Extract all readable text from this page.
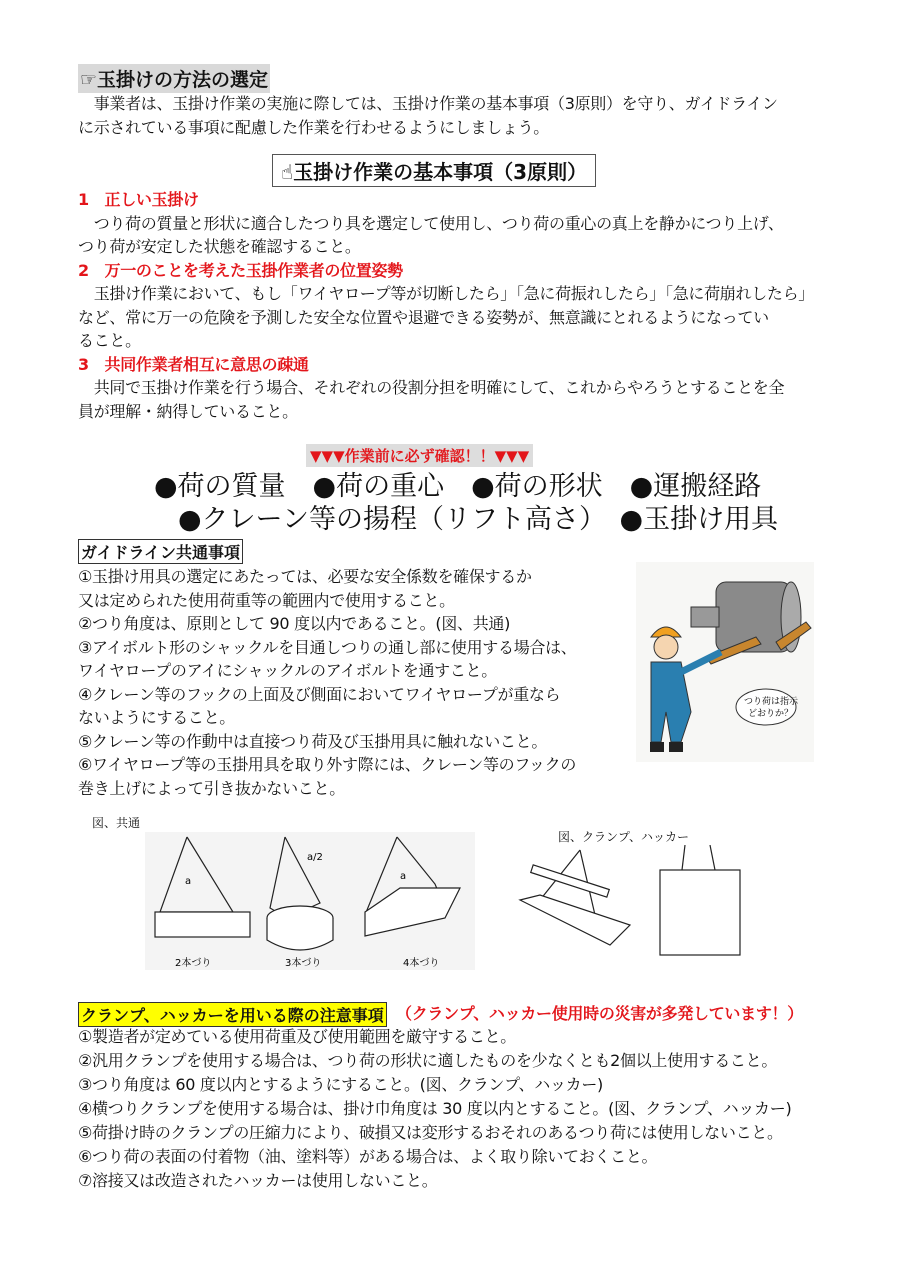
☞玉掛けの方法の選定
　事業者は、玉掛け作業の実施に際しては、玉掛け作業の基本事項（3原則）を守り、ガイドライン
に示されている事項に配慮した作業を行わせるようにしましょう。
☝玉掛け作業の基本事項（3原則）
1　正しい玉掛け
　つり荷の質量と形状に適合したつり具を選定して使用し、つり荷の重心の真上を静かにつり上げ、
つり荷が安定した状態を確認すること。
2　万一のことを考えた玉掛作業者の位置姿勢
　玉掛け作業において、もし「ワイヤロープ等が切断したら」「急に荷振れしたら」「急に荷崩れしたら」
など、常に万一の危険を予測した安全な位置や退避できる姿勢が、無意識にとれるようになってい
ること。
3　共同作業者相互に意思の疎通
　共同で玉掛け作業を行う場合、それぞれの役割分担を明確にして、これからやろうとすることを全
員が理解・納得していること。
▼▼▼作業前に必ず確認！！▼▼▼
●荷の質量　●荷の重心　●荷の形状　●運搬経路
●クレーン等の揚程（リフト高さ）　●玉掛け用具
ガイドライン共通事項
①玉掛け用具の選定にあたっては、必要な安全係数を確保するか
又は定められた使用荷重等の範囲内で使用すること。
②つり角度は、原則として 90 度以内であること。(図、共通)
③アイボルト形のシャックルを目通しつりの通し部に使用する場合は、
ワイヤロープのアイにシャックルのアイボルトを通すこと。
④クレーン等のフックの上面及び側面においてワイヤロープが重なら
ないようにすること。
⑤クレーン等の作動中は直接つり荷及び玉掛用具に触れないこと。
⑥ワイヤロープ等の玉掛用具を取り外す際には、クレーン等のフックの
巻き上げによって引き抜かないこと。
つり荷は指示
どおりか？
図、共通
2本づり	3本づり	4本づり
a
a/2
a
図、クランプ、ハッカー
クランプ、ハッカーを用いる際の注意事項 （クランプ、ハッカー使用時の災害が多発しています！）
①製造者が定めている使用荷重及び使用範囲を厳守すること。
②汎用クランプを使用する場合は、つり荷の形状に適したものを少なくとも2個以上使用すること。
③つり角度は 60 度以内とするようにすること。(図、クランプ、ハッカー)
④横つりクランプを使用する場合は、掛け巾角度は 30 度以内とすること。(図、クランプ、ハッカー)
⑤荷掛け時のクランプの圧縮力により、破損又は変形するおそれのあるつり荷には使用しないこと。
⑥つり荷の表面の付着物（油、塗料等）がある場合は、よく取り除いておくこと。
⑦溶接又は改造されたハッカーは使用しないこと。
